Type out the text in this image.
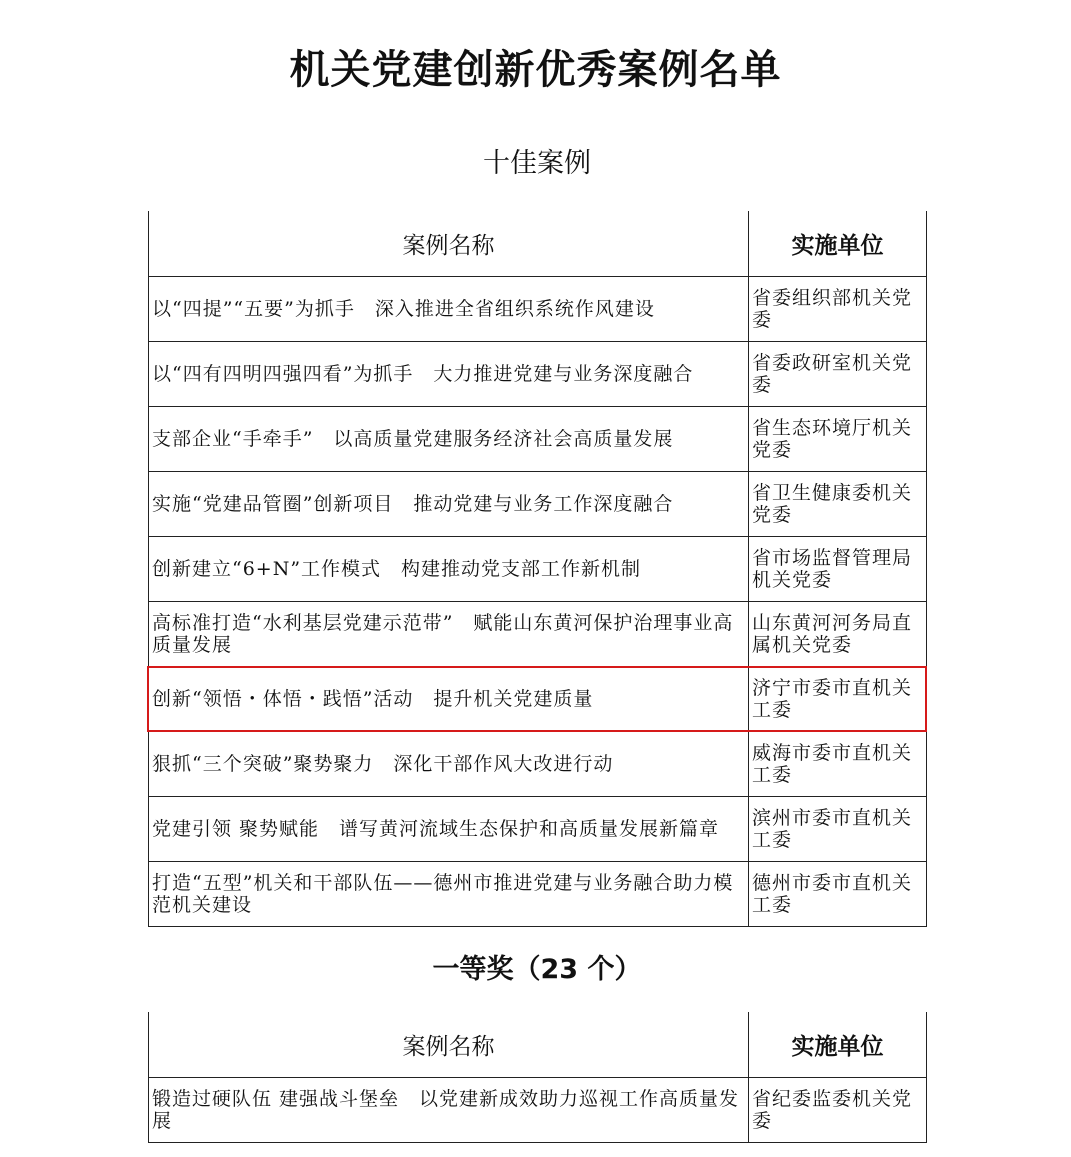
机关党建创新优秀案例名单
十佳案例
案例名称	实施单位

以“四提”“五要”为抓手　深入推进全省组织系统作风建设	省委组织部机关党委

以“四有四明四强四看”为抓手　大力推进党建与业务深度融合	省委政研室机关党委

支部企业“手牵手”　以高质量党建服务经济社会高质量发展	省生态环境厅机关党委

实施“党建品管圈”创新项目　推动党建与业务工作深度融合	省卫生健康委机关党委

创新建立“6+N”工作模式　构建推动党支部工作新机制	省市场监督管理局机关党委

高标准打造“水利基层党建示范带”　赋能山东黄河保护治理事业高质量发展	山东黄河河务局直属机关党委

创新“领悟・体悟・践悟”活动　提升机关党建质量	济宁市委市直机关工委

狠抓“三个突破”聚势聚力　深化干部作风大改进行动	威海市委市直机关工委

党建引领 聚势赋能　谱写黄河流域生态保护和高质量发展新篇章	滨州市委市直机关工委

打造“五型”机关和干部队伍——德州市推进党建与业务融合助力模范机关建设	德州市委市直机关工委
一等奖（23 个）
案例名称	实施单位

锻造过硬队伍 建强战斗堡垒　以党建新成效助力巡视工作高质量发展	省纪委监委机关党委
